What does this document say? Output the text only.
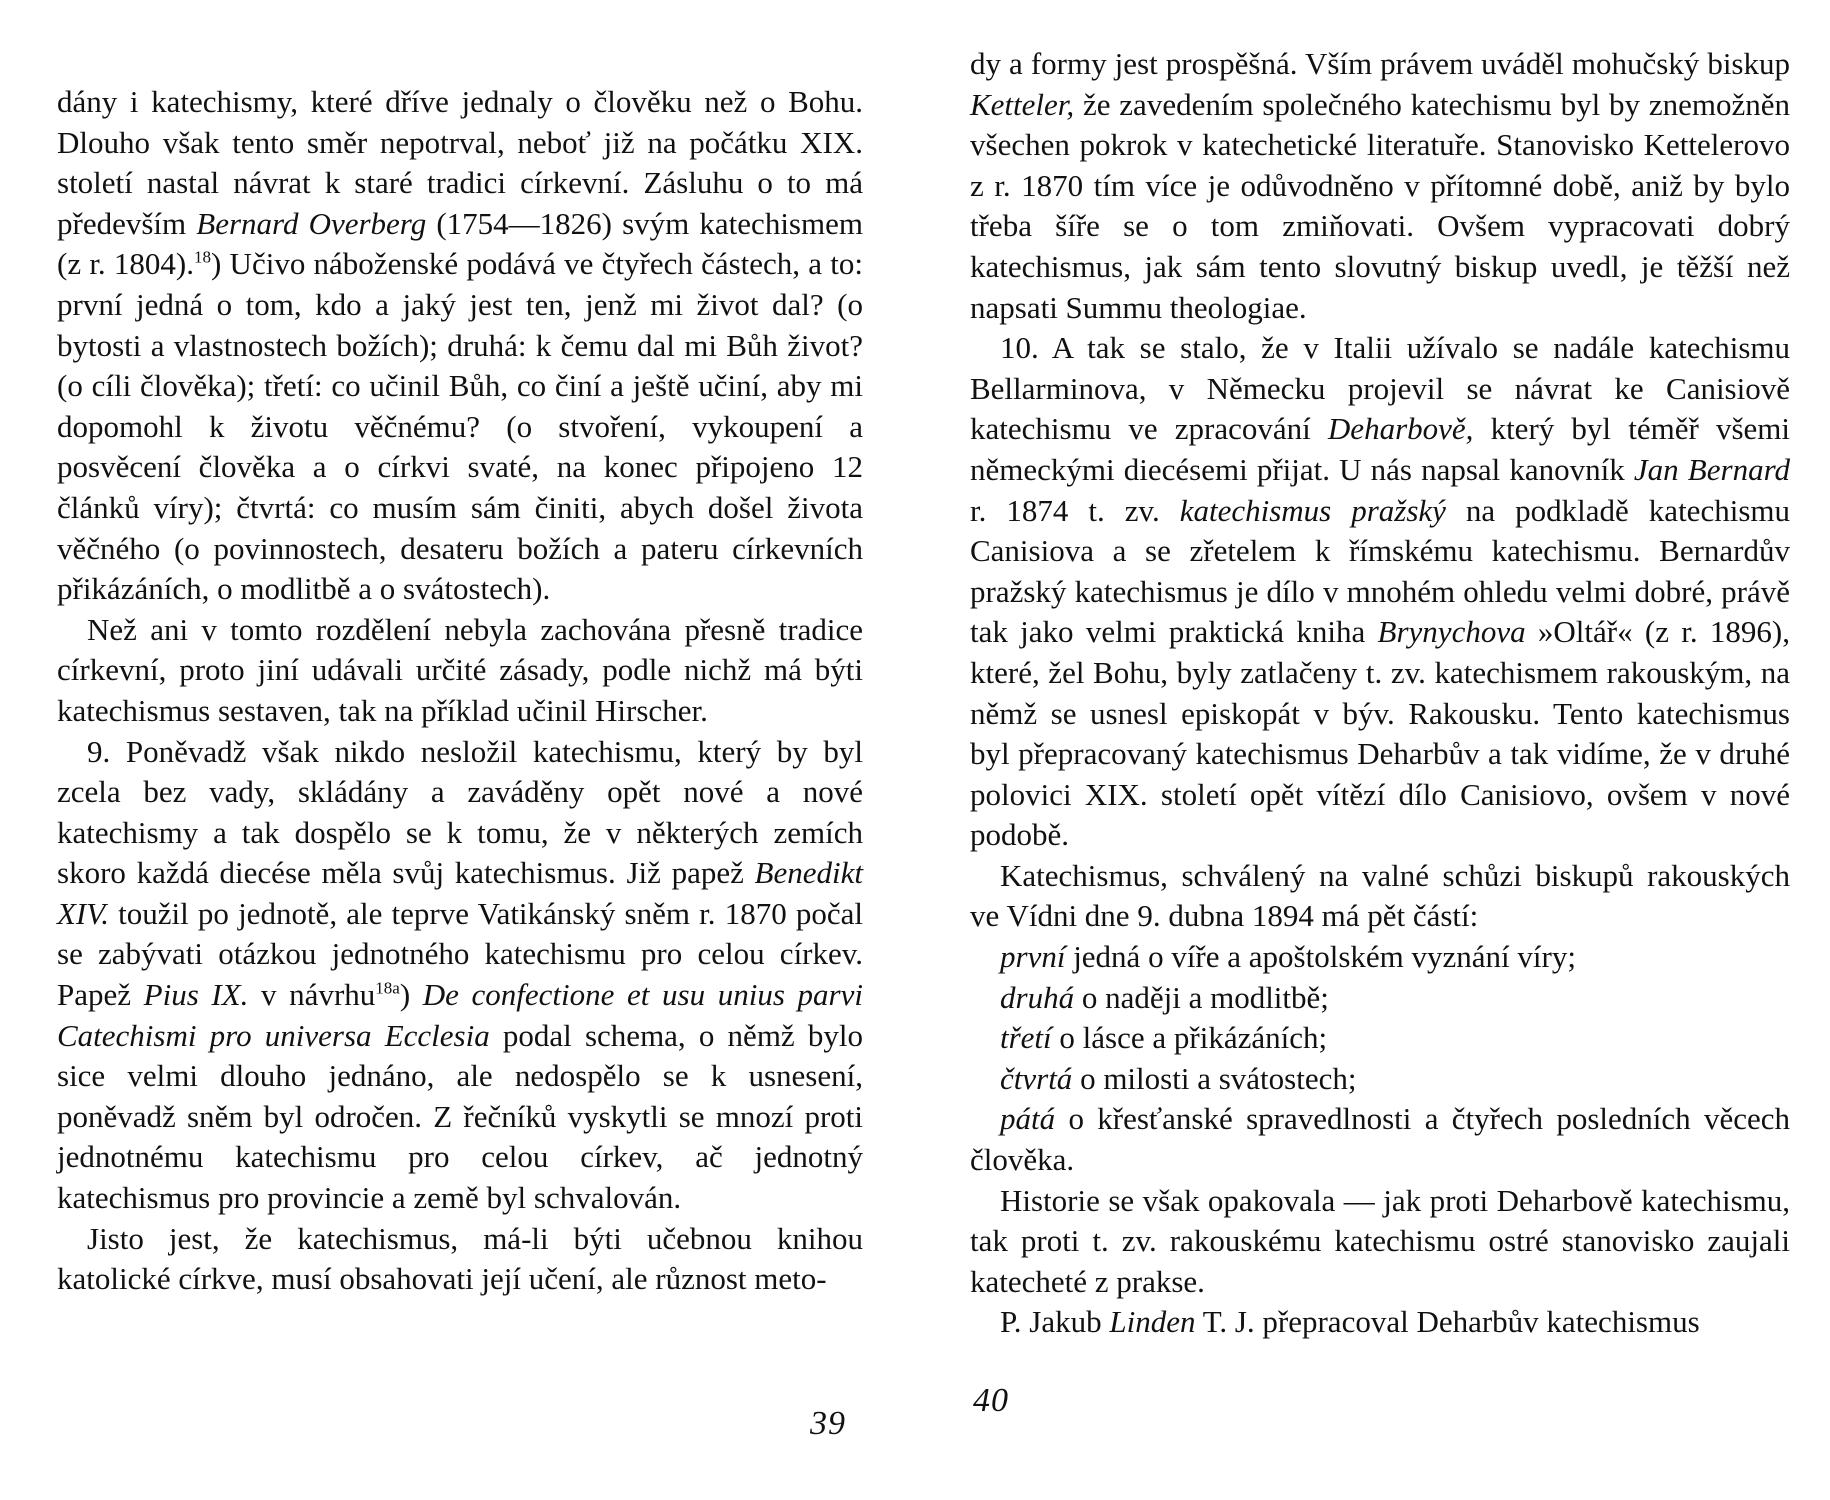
dány i katechismy, které dříve jednaly o člověku než o Bohu. Dlouho však tento směr nepotrval, neboť již na počátku XIX. století nastal návrat k staré tradici církevní. Zásluhu o to má především Bernard Overberg (1754—1826) svým katechismem (z r. 1804).$^{18}$) Učivo náboženské podává ve čtyřech částech, a to: první jedná o tom, kdo a jaký jest ten, jenž mi život dal? (o bytosti a vlastnostech božích); druhá: k čemu dal mi Bůh život? (o cíli člověka); třetí: co učinil Bůh, co činí a ještě učiní, aby mi dopomohl k životu věčnému? (o stvoření, vykoupení a posvěcení člověka a o církvi svaté, na konec připojeno 12 článků víry); čtvrtá: co musím sám činiti, abych došel života věčného (o povinnostech, desateru božích a pateru církevních přikázáních, o modlitbě a o svátostech).

Než ani v tomto rozdělení nebyla zachována přesně tradice církevní, proto jiní udávali určité zásady, podle nichž má býti katechismus sestaven, tak na příklad učinil Hirscher.

9. Poněvadž však nikdo nesložil katechismu, který by byl zcela bez vady, skládány a zaváděny opět nové a nové katechismy a tak dospělo se k tomu, že v některých zemích skoro každá diecése měla svůj katechismus. Již papež Benedikt XIV. toužil po jednotě, ale teprve Vatikánský sněm r. 1870 počal se zabývati otázkou jednotného katechismu pro celou církev. Papež Pius IX. v návrhu$^{18a}$) De confectione et usu unius parvi Catechismi pro universa Ecclesia podal schema, o němž bylo sice velmi dlouho jednáno, ale nedospělo se k usnesení, poněvadž sněm byl odročen. Z řečníků vyskytli se mnozí proti jednotnému katechismu pro celou církev, ač jednotný katechismus pro provincie a země byl schvalován.

Jisto jest, že katechismus, má-li býti učebnou knihou katolické církve, musí obsahovati její učení, ale různost meto-

39

dy a formy jest prospěšná. Vším právem uváděl mohučský biskup Ketteler, že zavedením společného katechismu byl by znemožněn všechen pokrok v katechetické literatuře. Stanovisko Kettelerovo z r. 1870 tím více je odůvodněno v přítomné době, aniž by bylo třeba šíře se o tom zmiňovati. Ovšem vypracovati dobrý katechismus, jak sám tento slovutný biskup uvedl, je těžší než napsati Summu theologiae.

10. A tak se stalo, že v Italii užívalo se nadále katechismu Bellarminova, v Německu projevil se návrat ke Canisiově katechismu ve zpracování Deharbově, který byl téměř všemi německými diecésemi přijat. U nás napsal kanovník Jan Bernard r. 1874 t. zv. katechismus pražský na podkladě katechismu Canisiova a se zřetelem k římskému katechismu. Bernardův pražský katechismus je dílo v mnohém ohledu velmi dobré, právě tak jako velmi praktická kniha Brynychova »Oltář« (z r. 1896), které, žel Bohu, byly zatlačeny t. zv. katechismem rakouským, na němž se usnesl episkopát v býv. Rakousku. Tento katechismus byl přepracovaný katechismus Deharbův a tak vidíme, že v druhé polovici XIX. století opět vítězí dílo Canisiovo, ovšem v nové podobě.

Katechismus, schválený na valné schůzi biskupů rakouských ve Vídni dne 9. dubna 1894 má pět částí:

první jedná o víře a apoštolském vyznání víry;

druhá o naději a modlitbě;

třetí o lásce a přikázáních;

čtvrtá o milosti a svátostech;

pátá o křesťanské spravedlnosti a čtyřech posledních věcech člověka.

Historie se však opakovala — jak proti Deharbově katechismu, tak proti t. zv. rakouskému katechismu ostré stanovisko zaujali katecheté z prakse.

P. Jakub Linden T. J. přepracoval Deharbův katechismus

40
